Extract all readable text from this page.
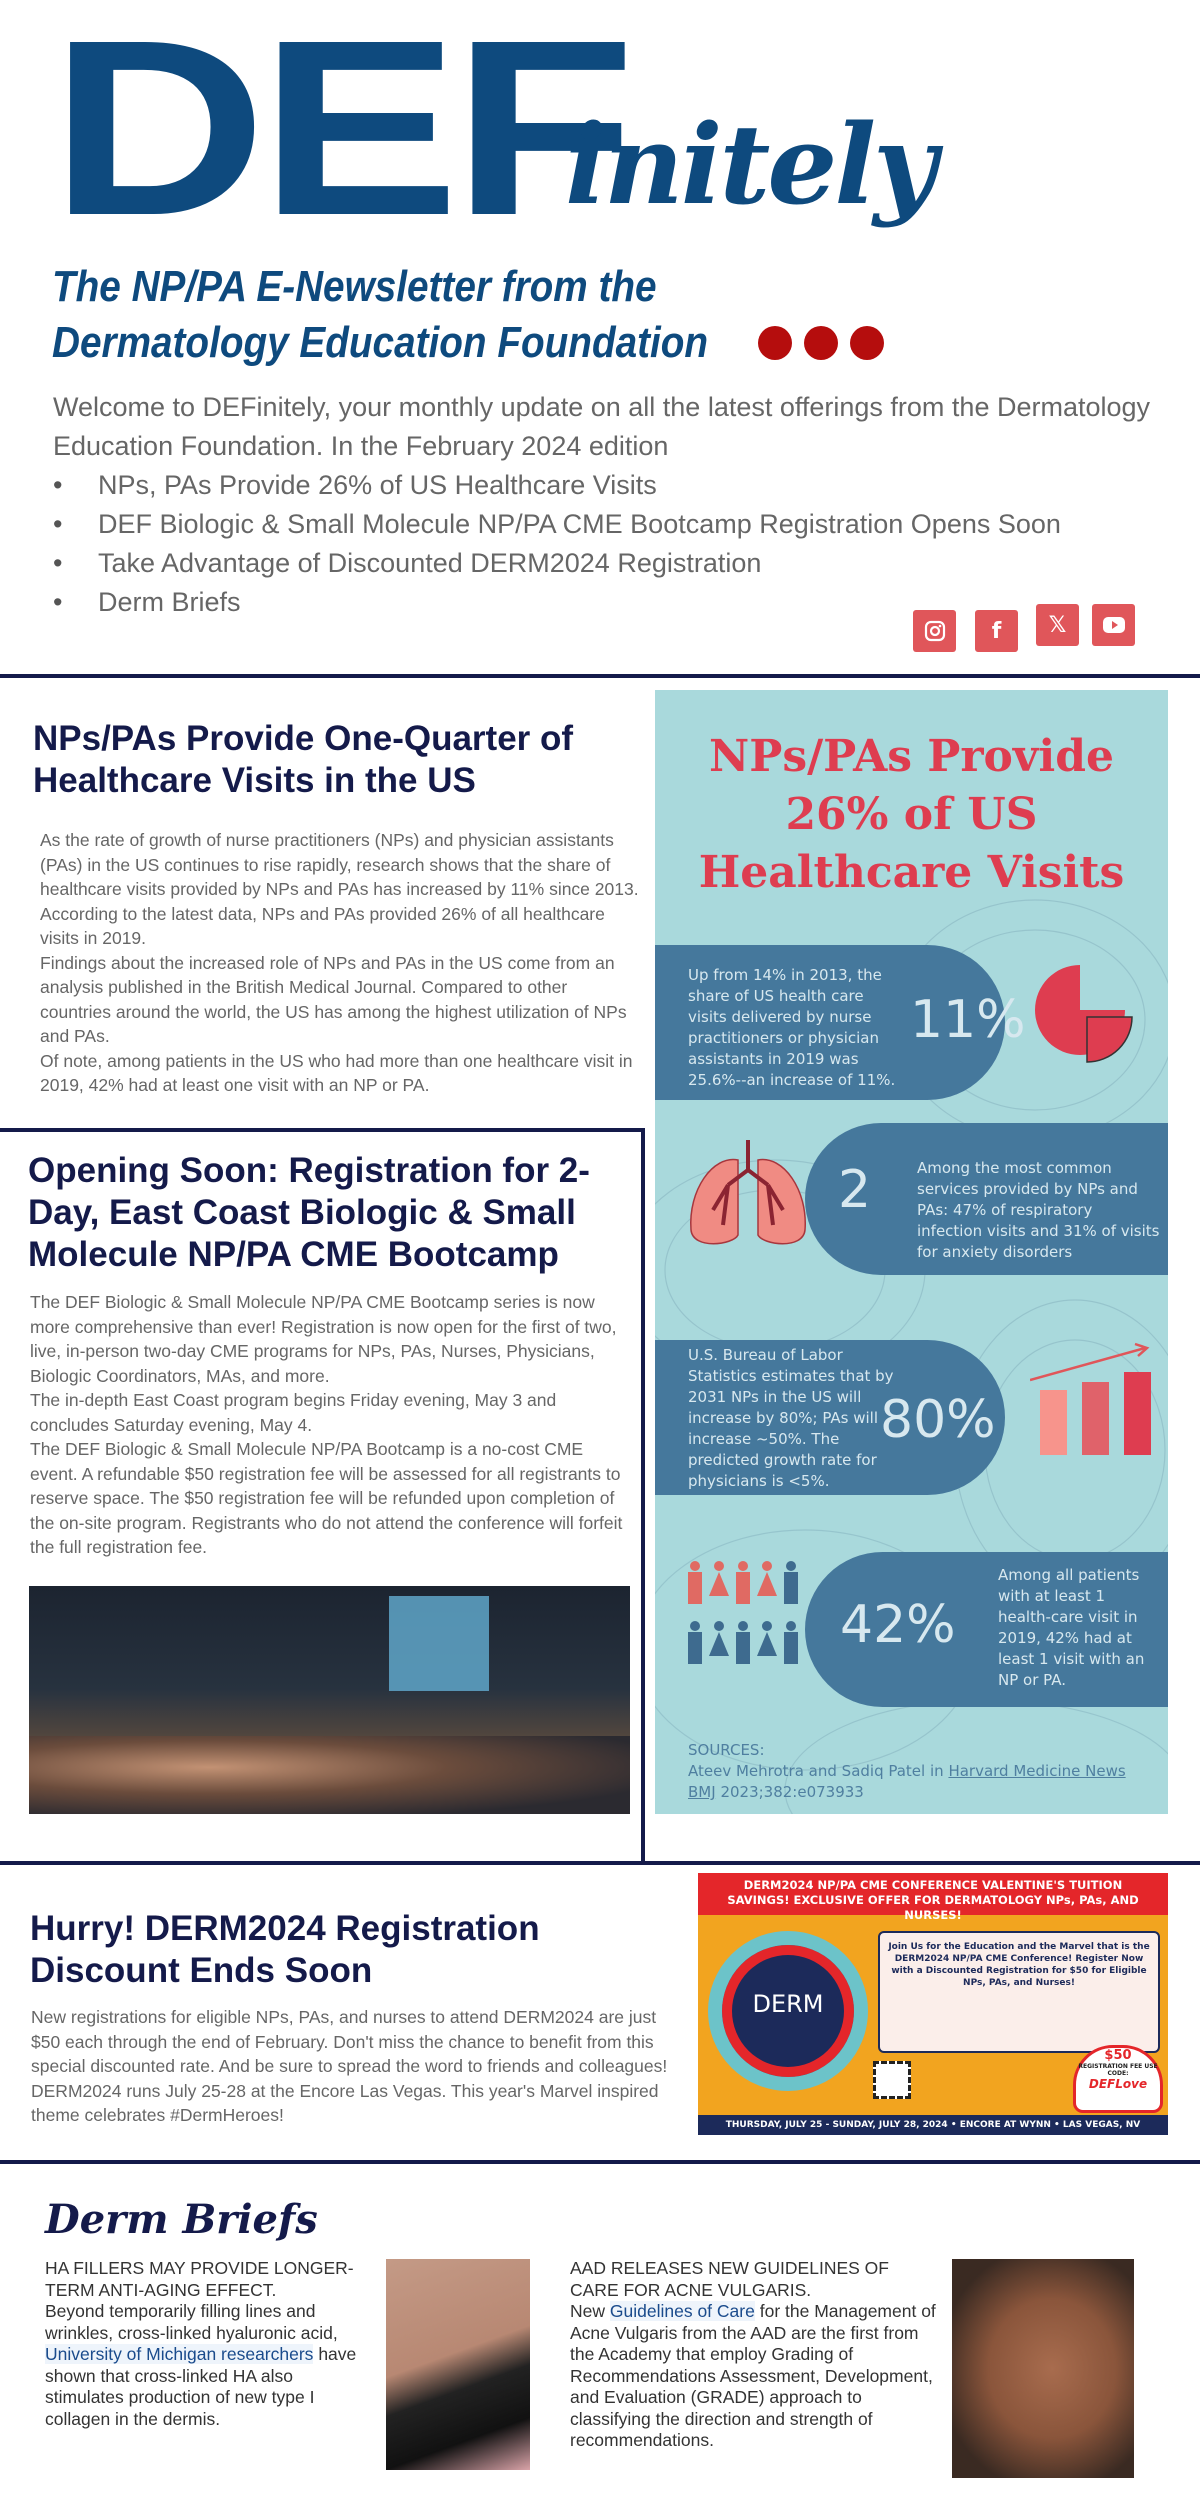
DEF
initely
The NP/PA E-Newsletter from the
Dermatology Education Foundation

Welcome to DEFinitely, your monthly update on all the latest offerings from the Dermatology Education Foundation. In the February 2024 edition

• NPs, PAs Provide 26% of US Healthcare Visits
• DEF Biologic & Small Molecule NP/PA CME Bootcamp Registration Opens Soon
• Take Advantage of Discounted DERM2024 Registration
• Derm Briefs
f	𝕏
NPs/PAs Provide One-Quarter of Healthcare Visits in the US

As the rate of growth of nurse practitioners (NPs) and physician assistants (PAs) in the US continues to rise rapidly, research shows that the share of healthcare visits provided by NPs and PAs has increased by 11% since 2013. According to the latest data, NPs and PAs provided 26% of all healthcare visits in 2019.

Findings about the increased role of NPs and PAs in the US come from an analysis published in the British Medical Journal. Compared to other countries around the world, the US has among the highest utilization of NPs and PAs.

Of note, among patients in the US who had more than one healthcare visit in 2019, 42% had at least one visit with an NP or PA.

NPs/PAs Provide 26% of US Healthcare Visits
Up from 14% in 2013, the share of US health care visits delivered by nurse practitioners or physician assistants in 2019 was 25.6%--an increase of 11%.
11%
2	Among the most common services provided by NPs and PAs: 47% of respiratory infection visits and 31% of visits for anxiety disorders
U.S. Bureau of Labor Statistics estimates that by 2031 NPs in the US will increase by 80%; PAs will increase ~50%. The predicted growth rate for physicians is <5%.
80%
42%
Among all patients with at least 1 health-care visit in 2019, 42% had at least 1 visit with an NP or PA.
SOURCES:
Ateev Mehrotra and Sadiq Patel in Harvard Medicine News BMJ 2023;382:e073933
Opening Soon: Registration for 2-Day, East Coast Biologic & Small Molecule NP/PA CME Bootcamp

The DEF Biologic & Small Molecule NP/PA CME Bootcamp series is now more comprehensive than ever! Registration is now open for the first of two, live, in-person two-day CME programs for NPs, PAs, Nurses, Physicians, Biologic Coordinators, MAs, and more.

The in-depth East Coast program begins Friday evening, May 3 and concludes Saturday evening, May 4.

The DEF Biologic & Small Molecule NP/PA Bootcamp is a no-cost CME event. A refundable $50 registration fee will be assessed for all registrants to reserve space. The $50 registration fee will be refunded upon completion of the on-site program. Registrants who do not attend the conference will forfeit the full registration fee.

Hurry! DERM2024 Registration Discount Ends Soon

New registrations for eligible NPs, PAs, and nurses to attend DERM2024 are just $50 each through the end of February. Don't miss the chance to benefit from this special discounted rate. And be sure to spread the word to friends and colleagues!

DERM2024 runs July 25-28 at the Encore Las Vegas. This year's Marvel inspired theme celebrates #DermHeroes!

DERM2024 NP/PA CME CONFERENCE VALENTINE'S TUITION SAVINGS! EXCLUSIVE OFFER FOR DERMATOLOGY NPs, PAs, AND NURSES!
DERM
Join Us for the Education and the Marvel that is the DERM2024 NP/PA CME Conference! Register Now with a Discounted Registration for $50 for Eligible NPs, PAs, and Nurses!
$50
REGISTRATION FEE USE CODE:
DEFLove
THURSDAY, JULY 25 - SUNDAY, JULY 28, 2024 • ENCORE AT WYNN • LAS VEGAS, NV
Derm Briefs
HA FILLERS MAY PROVIDE LONGER-TERM ANTI-AGING EFFECT.
Beyond temporarily filling lines and wrinkles, cross-linked hyaluronic acid, University of Michigan researchers have shown that cross-linked HA also stimulates production of new type I collagen in the dermis.
AAD RELEASES NEW GUIDELINES OF CARE FOR ACNE VULGARIS.
New Guidelines of Care for the Management of Acne Vulgaris from the AAD are the first from the Academy that employ Grading of Recommendations Assessment, Development, and Evaluation (GRADE) approach to classifying the direction and strength of recommendations.
